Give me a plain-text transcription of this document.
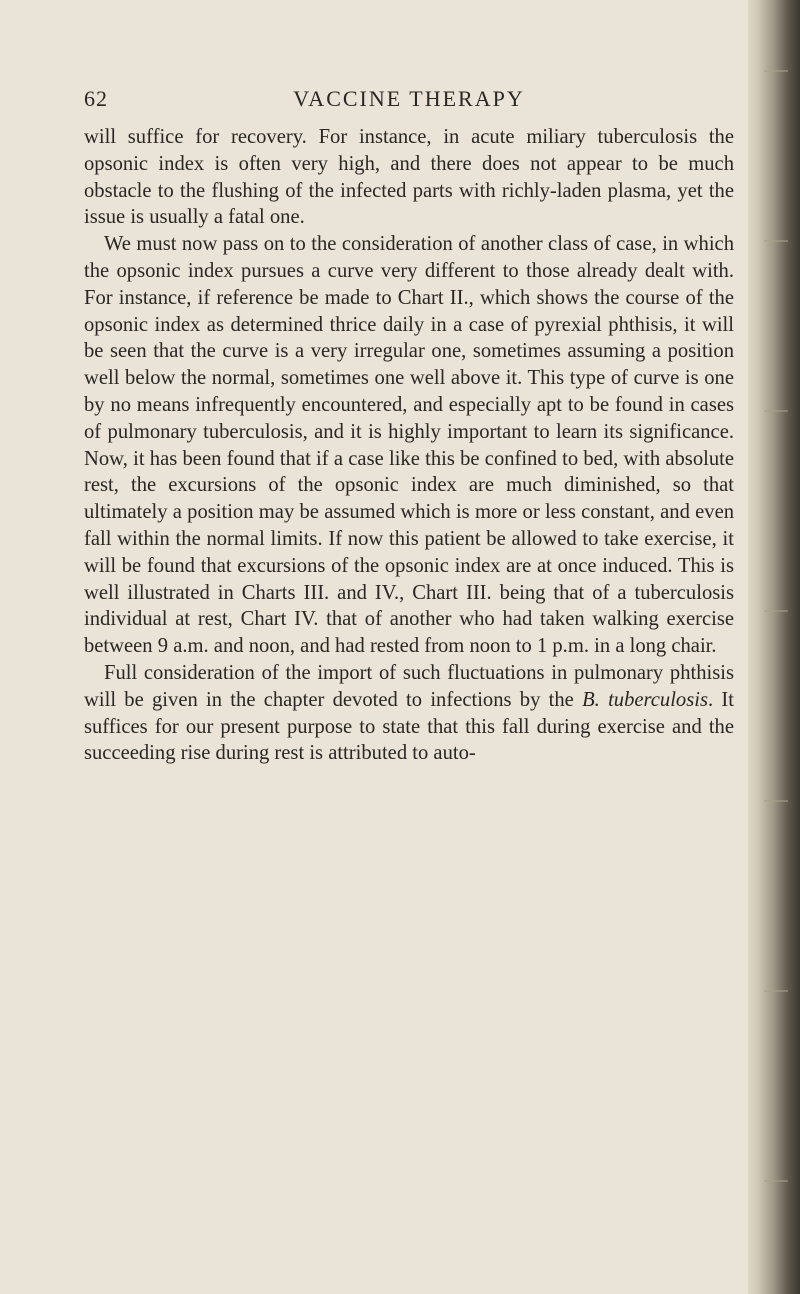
62	VACCINE THERAPY

will suffice for recovery. For instance, in acute miliary tuberculosis the opsonic index is often very high, and there does not appear to be much obstacle to the flushing of the infected parts with richly-laden plasma, yet the issue is usually a fatal one.

We must now pass on to the consideration of another class of case, in which the opsonic index pursues a curve very different to those already dealt with. For instance, if reference be made to Chart II., which shows the course of the opsonic index as determined thrice daily in a case of pyrexial phthisis, it will be seen that the curve is a very irregular one, sometimes assuming a position well below the normal, sometimes one well above it. This type of curve is one by no means infrequently encountered, and especially apt to be found in cases of pulmonary tuberculosis, and it is highly important to learn its significance. Now, it has been found that if a case like this be confined to bed, with absolute rest, the excursions of the opsonic index are much diminished, so that ultimately a position may be assumed which is more or less constant, and even fall within the normal limits. If now this patient be allowed to take exercise, it will be found that excursions of the opsonic index are at once induced. This is well illustrated in Charts III. and IV., Chart III. being that of a tuberculosis individual at rest, Chart IV. that of another who had taken walking exercise between 9 a.m. and noon, and had rested from noon to 1 p.m. in a long chair.

Full consideration of the import of such fluctuations in pulmonary phthisis will be given in the chapter devoted to infections by the B. tuberculosis. It suffices for our present purpose to state that this fall during exercise and the succeeding rise during rest is attributed to auto-
